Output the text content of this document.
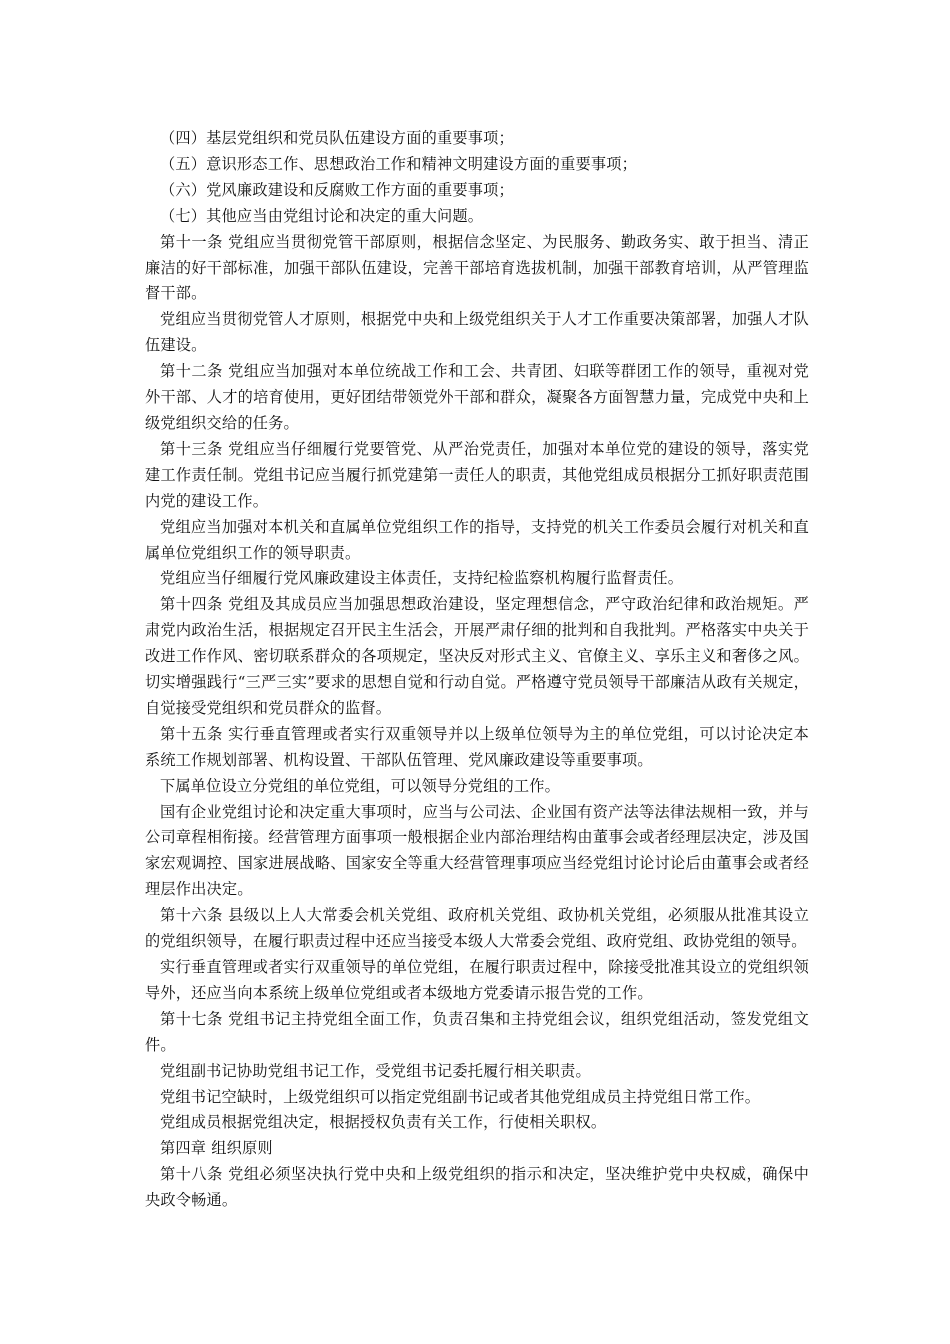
（四）基层党组织和党员队伍建设方面的重要事项；

（五）意识形态工作、思想政治工作和精神文明建设方面的重要事项；

（六）党风廉政建设和反腐败工作方面的重要事项；

（七）其他应当由党组讨论和决定的重大问题。

第十一条 党组应当贯彻党管干部原则，根据信念坚定、为民服务、勤政务实、敢于担当、清正廉洁的好干部标准，加强干部队伍建设，完善干部培育选拔机制，加强干部教育培训，从严管理监督干部。

党组应当贯彻党管人才原则，根据党中央和上级党组织关于人才工作重要决策部署，加强人才队伍建设。

第十二条 党组应当加强对本单位统战工作和工会、共青团、妇联等群团工作的领导，重视对党外干部、人才的培育使用，更好团结带领党外干部和群众，凝聚各方面智慧力量，完成党中央和上级党组织交给的任务。

第十三条 党组应当仔细履行党要管党、从严治党责任，加强对本单位党的建设的领导，落实党建工作责任制。党组书记应当履行抓党建第一责任人的职责，其他党组成员根据分工抓好职责范围内党的建设工作。

党组应当加强对本机关和直属单位党组织工作的指导，支持党的机关工作委员会履行对机关和直属单位党组织工作的领导职责。

党组应当仔细履行党风廉政建设主体责任，支持纪检监察机构履行监督责任。

第十四条 党组及其成员应当加强思想政治建设，坚定理想信念，严守政治纪律和政治规矩。严肃党内政治生活，根据规定召开民主生活会，开展严肃仔细的批判和自我批判。严格落实中央关于改进工作作风、密切联系群众的各项规定，坚决反对形式主义、官僚主义、享乐主义和奢侈之风。切实增强践行“三严三实”要求的思想自觉和行动自觉。严格遵守党员领导干部廉洁从政有关规定，自觉接受党组织和党员群众的监督。

第十五条 实行垂直管理或者实行双重领导并以上级单位领导为主的单位党组，可以讨论决定本系统工作规划部署、机构设置、干部队伍管理、党风廉政建设等重要事项。

下属单位设立分党组的单位党组，可以领导分党组的工作。

国有企业党组讨论和决定重大事项时，应当与公司法、企业国有资产法等法律法规相一致，并与公司章程相衔接。经营管理方面事项一般根据企业内部治理结构由董事会或者经理层决定，涉及国家宏观调控、国家进展战略、国家安全等重大经营管理事项应当经党组讨论讨论后由董事会或者经理层作出决定。

第十六条 县级以上人大常委会机关党组、政府机关党组、政协机关党组，必须服从批准其设立的党组织领导，在履行职责过程中还应当接受本级人大常委会党组、政府党组、政协党组的领导。

实行垂直管理或者实行双重领导的单位党组，在履行职责过程中，除接受批准其设立的党组织领导外，还应当向本系统上级单位党组或者本级地方党委请示报告党的工作。

第十七条 党组书记主持党组全面工作，负责召集和主持党组会议，组织党组活动，签发党组文件。

党组副书记协助党组书记工作，受党组书记委托履行相关职责。

党组书记空缺时，上级党组织可以指定党组副书记或者其他党组成员主持党组日常工作。

党组成员根据党组决定，根据授权负责有关工作，行使相关职权。

第四章 组织原则

第十八条 党组必须坚决执行党中央和上级党组织的指示和决定，坚决维护党中央权威，确保中央政令畅通。
